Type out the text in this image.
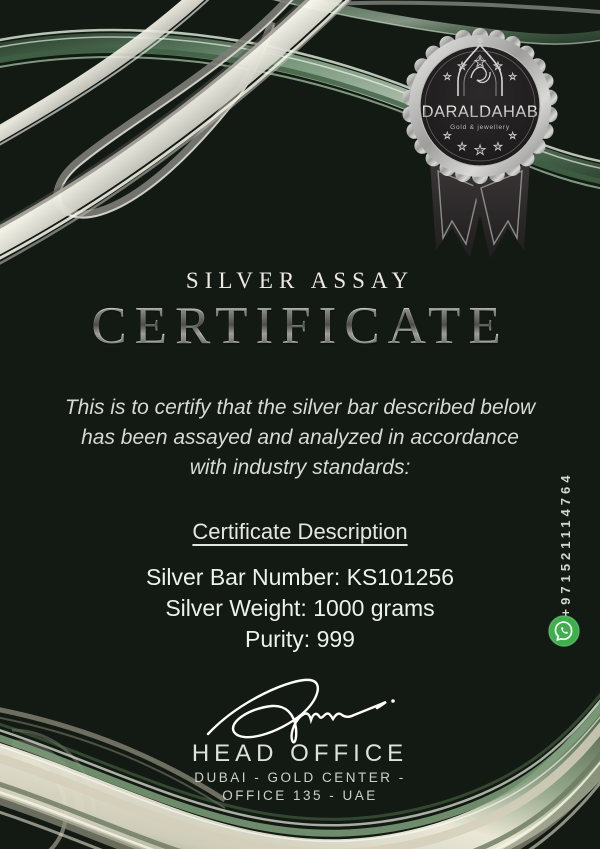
★
★ ★ ★
★
★
★
★
★
★
DARALDAHAB
Gold & jewellery
SILVER ASSAY
CERTIFICATE
This is to certify that the silver bar described below
has been assayed and analyzed in accordance
with industry standards:
Certificate Description
Silver Bar Number: KS101256
Silver Weight: 1000 grams
Purity: 999
HEAD OFFICE
DUBAI - GOLD CENTER -
OFFICE 135 - UAE
+971521114764
